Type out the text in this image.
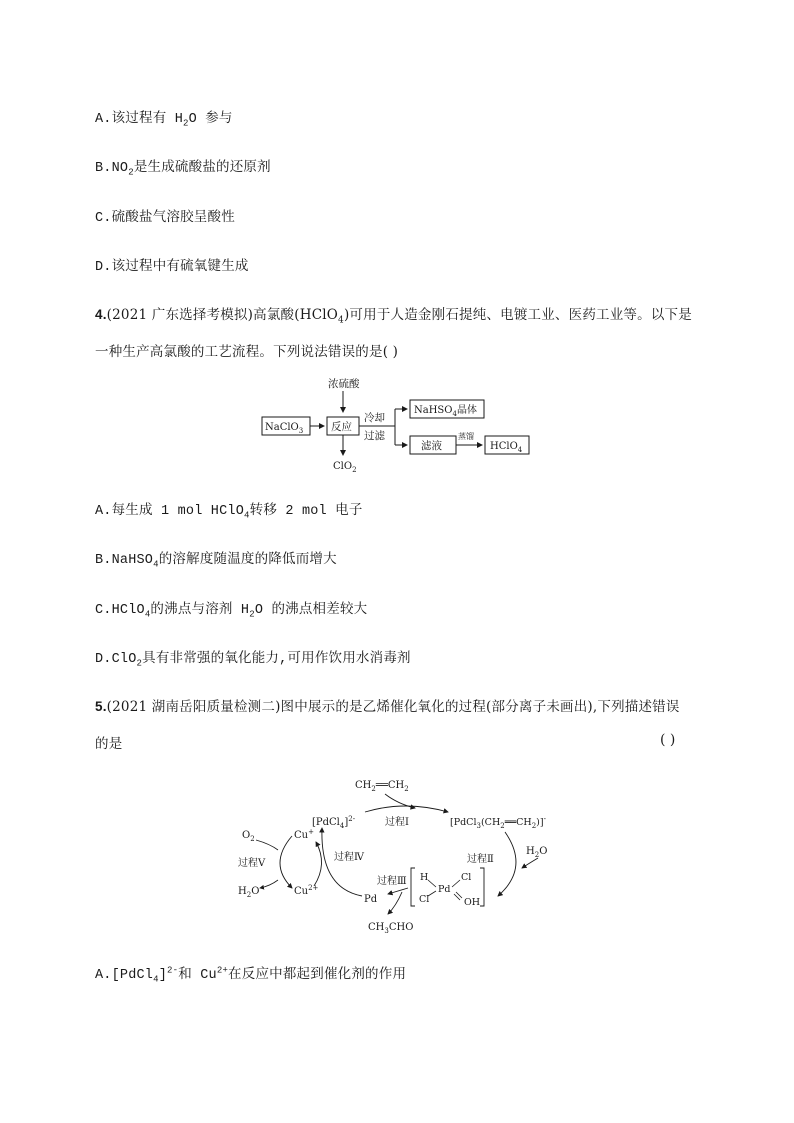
A.该过程有 $H_2O$ 参与
$B.NO_2$是生成硫酸盐的还原剂
C.硫酸盐气溶胶呈酸性
D.该过程中有硫氧键生成
4.(2021 广东选择考模拟)高氯酸(HClO$_4$)可用于人造金刚石提纯、电镀工业、医药工业等。以下是
一种生产高氯酸的工艺流程。下列说法错误的是( )
浓硫酸
NaClO$_3$	反应
ClO$_2$
冷却
过滤
NaHSO$_4$晶体
滤液
蒸馏
HClO$_4$
A.每生成 1 mol HClO$_4$转移 2 mol 电子
B.NaHSO$_4$的溶解度随温度的降低而增大
C.HClO$_4$的沸点与溶剂 $H_2O$ 的沸点相差较大
D.ClO$_2$具有非常强的氧化能力,可用作饮用水消毒剂
5.(2021 湖南岳阳质量检测二)图中展示的是乙烯催化氧化的过程(部分离子未画出),下列描述错误
的是	( )
$CH_2══CH_2$
[PdCl$_4$]$^{2-}$	过程Ⅰ	$[PdCl_3(CH_2══CH_2)]^-$
过程Ⅱ
$H_2O$
H
Cl
Pd
Cl
OH
过程Ⅲ
Pd
$CH_3CHO$
过程Ⅳ
Cu+
$Cu^{2+}$
过程Ⅴ
$O_2$
$H_2O$
A.[PdCl$_4$]$^{2-}$和 $Cu^{2+}$在反应中都起到催化剂的作用
